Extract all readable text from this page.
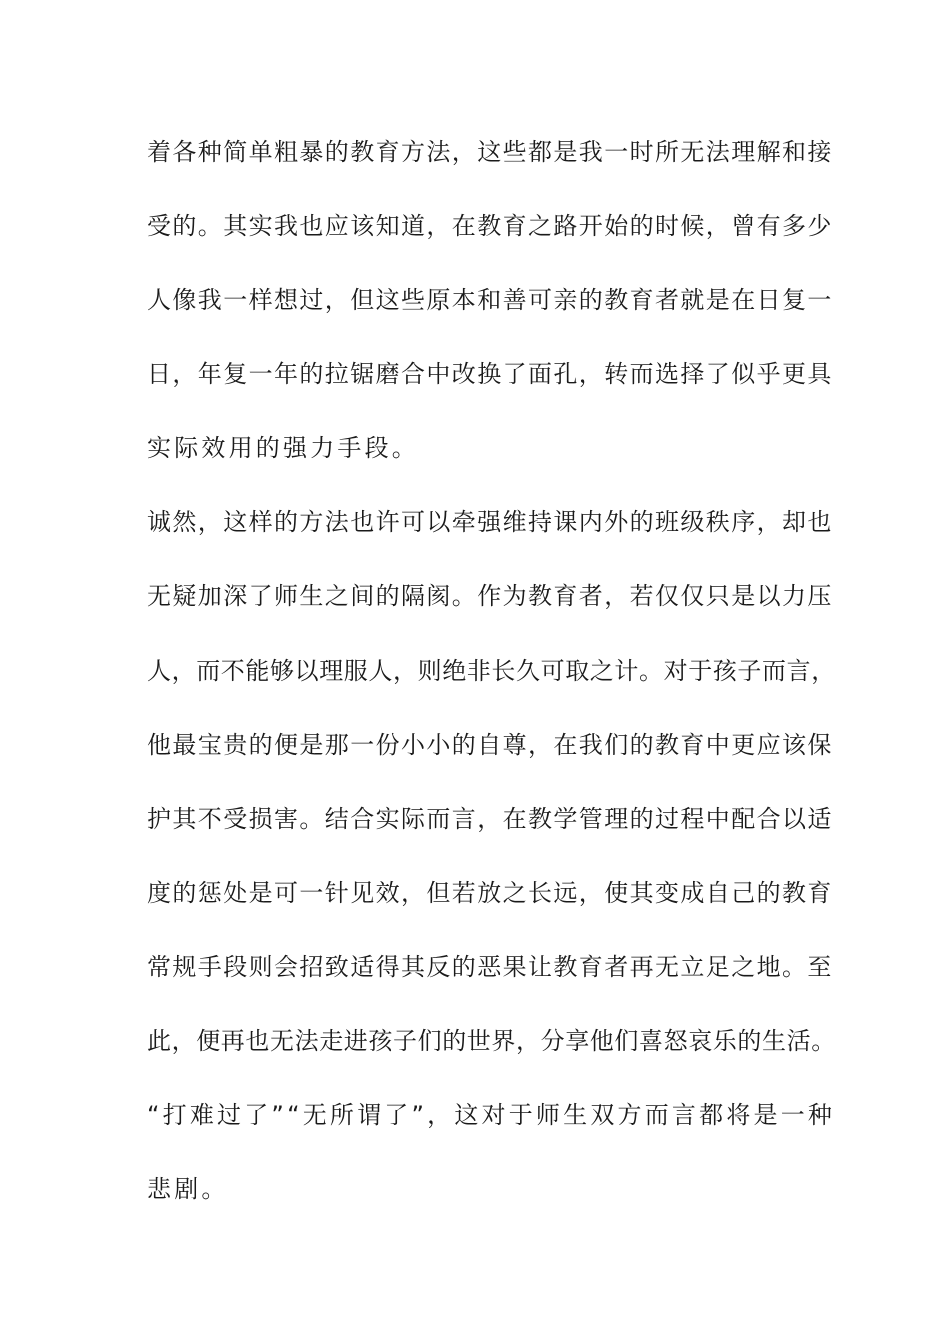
着各种简单粗暴的教育方法，这些都是我一时所无法理解和接
受的。其实我也应该知道，在教育之路开始的时候，曾有多少
人像我一样想过，但这些原本和善可亲的教育者就是在日复一
日，年复一年的拉锯磨合中改换了面孔，转而选择了似乎更具
实际效用的强力手段。
诚然，这样的方法也许可以牵强维持课内外的班级秩序，却也
无疑加深了师生之间的隔阂。作为教育者，若仅仅只是以力压
人，而不能够以理服人，则绝非长久可取之计。对于孩子而言，
他最宝贵的便是那一份小小的自尊，在我们的教育中更应该保
护其不受损害。结合实际而言，在教学管理的过程中配合以适
度的惩处是可一针见效，但若放之长远，使其变成自己的教育
常规手段则会招致适得其反的恶果让教育者再无立足之地。至
此，便再也无法走进孩子们的世界，分享他们喜怒哀乐的生活。
“打难过了”“无所谓了”，这对于师生双方而言都将是一种
悲剧。
